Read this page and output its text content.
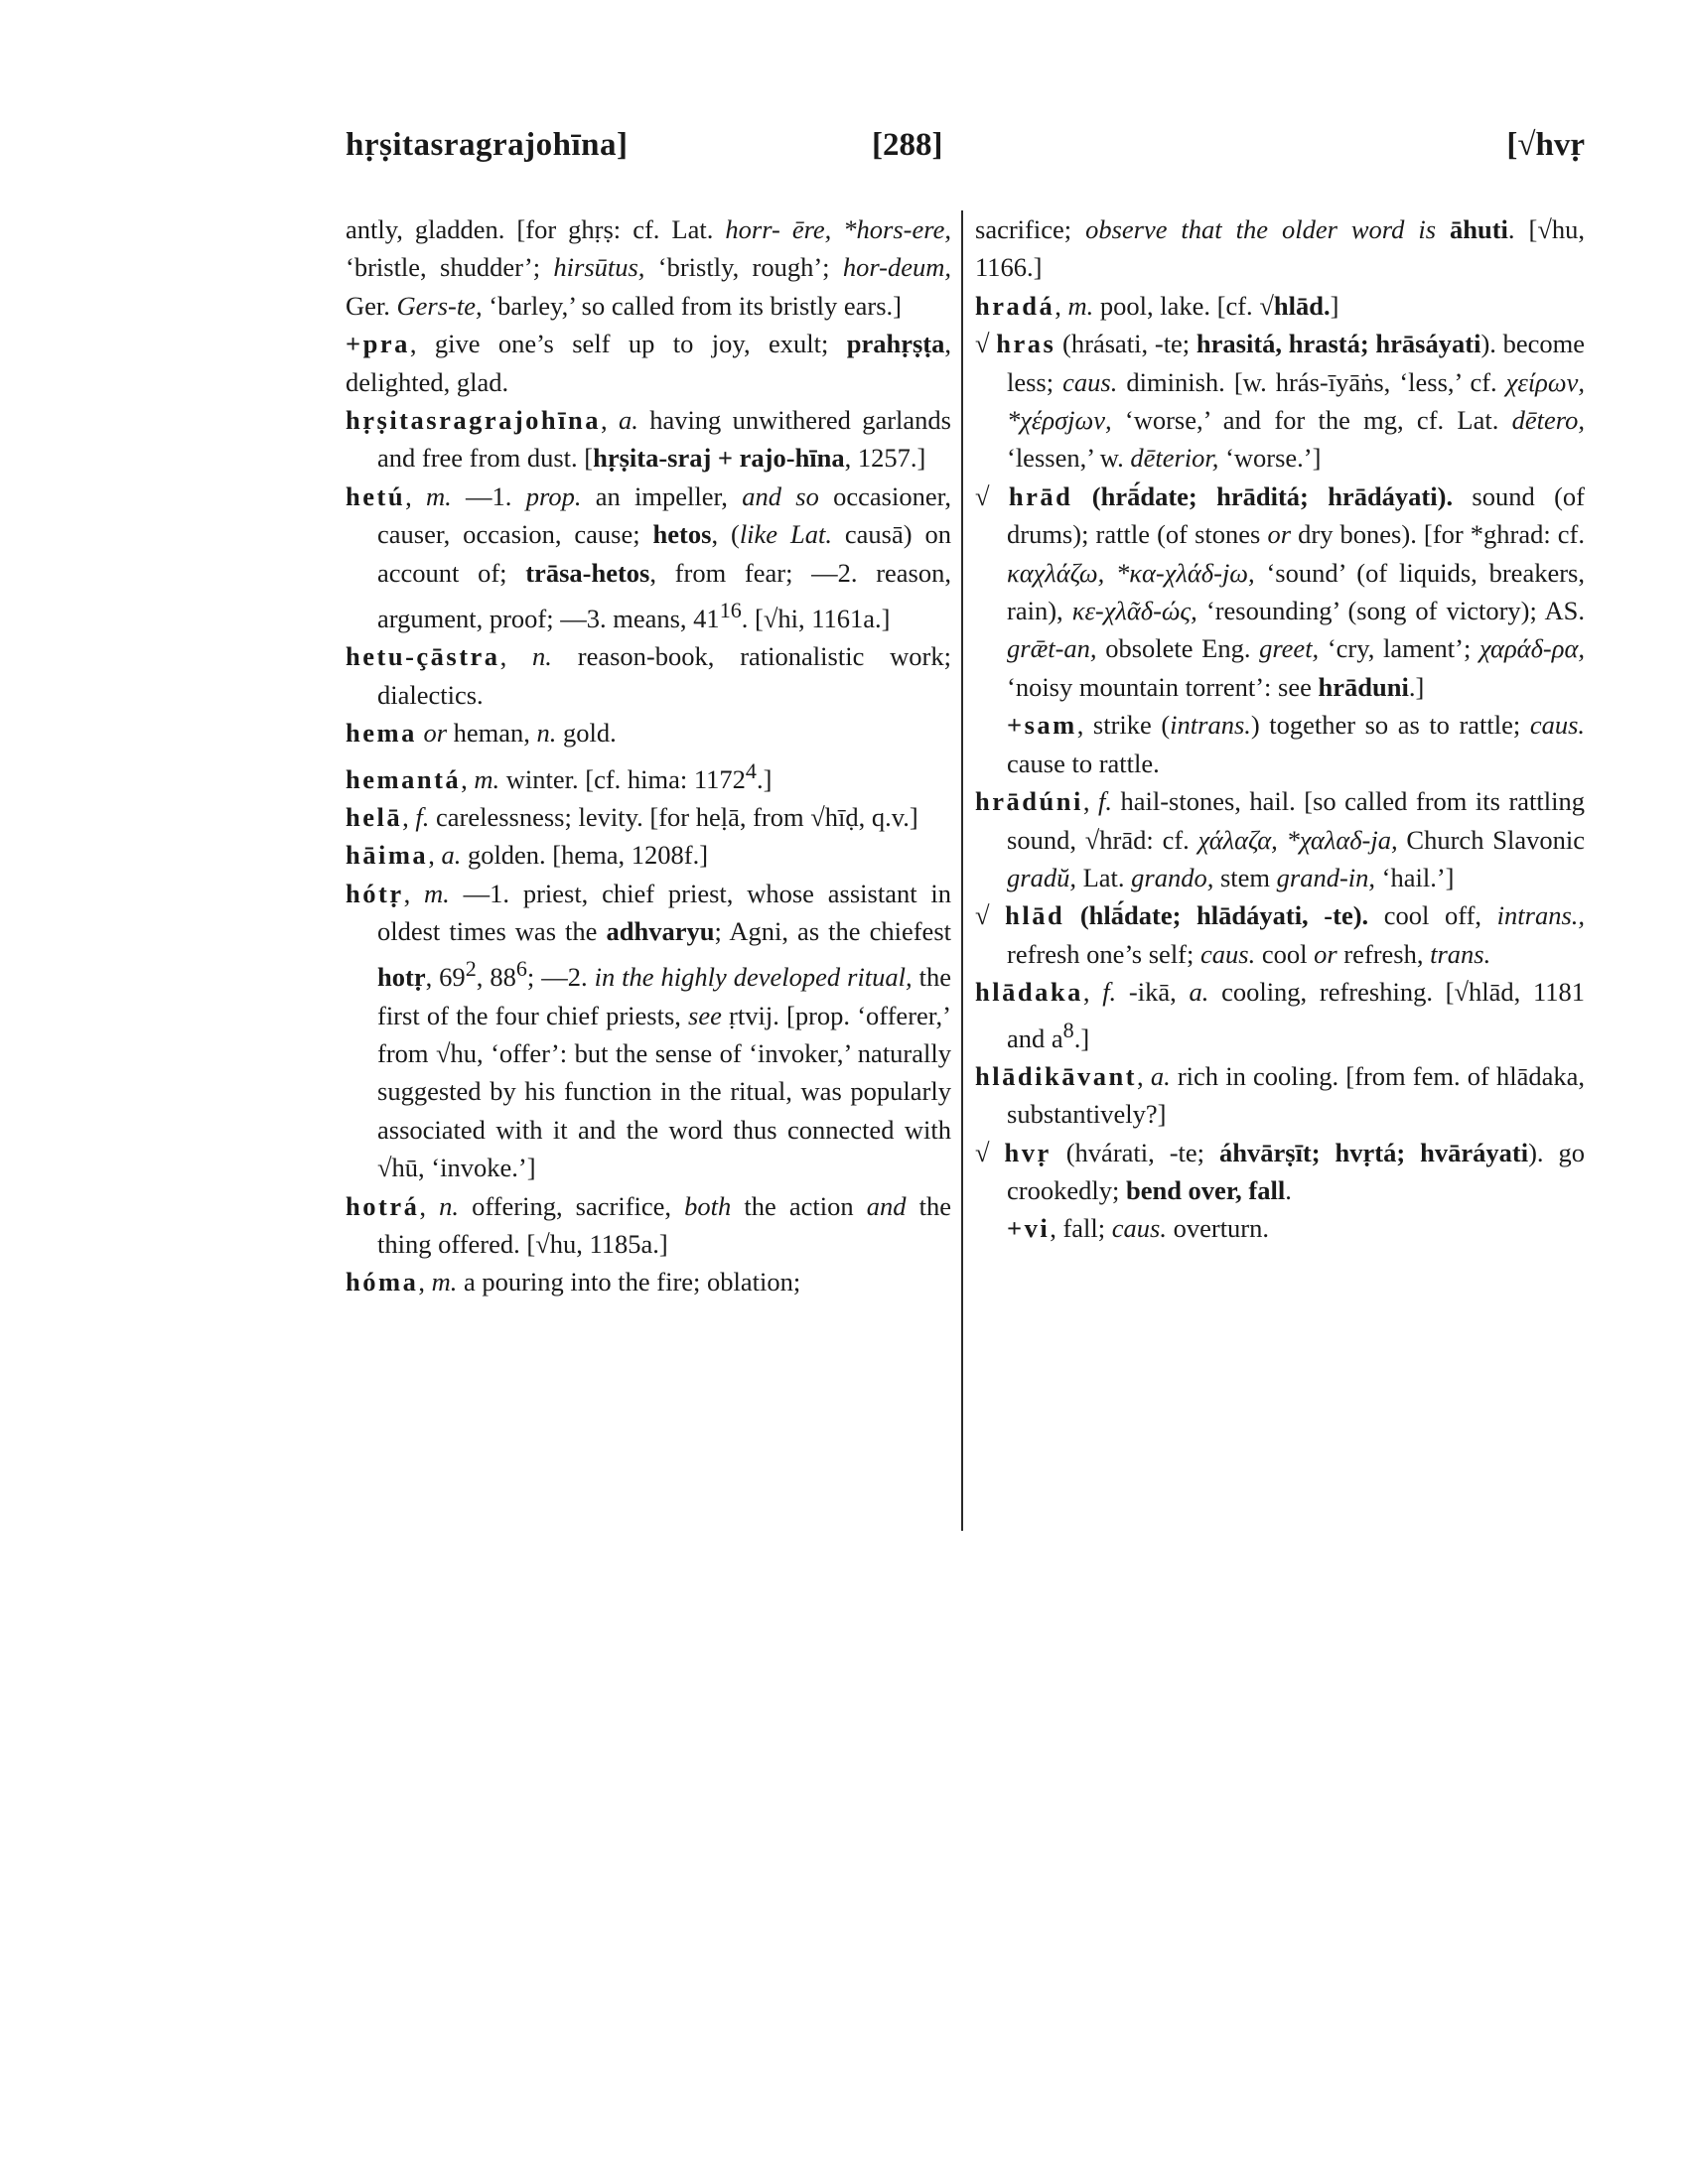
hṛṣitasragrajohīna]	[288]	[√hvṛ

antly, gladden. [for ghṛṣ: cf. Lat. horr- ēre, *hors-ere, ‘bristle, shudder’; hirsūtus, ‘bristly, rough’; hor-deum, Ger. Gers-te, ‘barley,’ so called from its bristly ears.]

+pra, give one’s self up to joy, exult; prahṛṣṭa, delighted, glad.

hṛṣitasragrajohīna, a. having unwithered garlands and free from dust. [hṛṣita-sraj + rajo-hīna, 1257.]

hetú, m. —1. prop. an impeller, and so occasioner, causer, occasion, cause; hetos, (like Lat. causā) on account of; trāsa-hetos, from fear; —2. reason, argument, proof; —3. means, $41^{16}$. [√hi, 1161a.]

hetu-çāstra, n. reason-book, rationalistic work; dialectics.

hema or heman, n. gold.

hemantá, m. winter. [cf. hima: 1172$^4$.]

helā, f. carelessness; levity. [for heḷā, from √hīḍ, q.v.]

hāima, a. golden. [hema, 1208f.]

hótṛ, m. —1. priest, chief priest, whose assistant in oldest times was the adhvaryu; Agni, as the chiefest hotṛ, $69^2$, $88^6$; —2. in the highly developed ritual, the first of the four chief priests, see ṛtvij. [prop. ‘offerer,’ from √hu, ‘offer’: but the sense of ‘invoker,’ naturally suggested by his function in the ritual, was popularly associated with it and the word thus connected with √hū, ‘invoke.’]

hotrá, n. offering, sacrifice, both the action and the thing offered. [√hu, 1185a.]

hóma, m. a pouring into the fire; oblation;

sacrifice; observe that the older word is āhuti. [√hu, 1166.]

hradá, m. pool, lake. [cf. √hlād.]

√ hras (hrásati, -te; hrasitá, hrastá; hrāsáyati). become less; caus. diminish. [w. hrás-īyāṅs, ‘less,’ cf. χείρων, *χέρσjων, ‘worse,’ and for the mg, cf. Lat. dētero, ‘lessen,’ w. dēterior, ‘worse.’]

√ hrād (hrā́date; hrāditá; hrādáyati). sound (of drums); rattle (of stones or dry bones). [for *ghrad: cf. καχλάζω, *κα-χλάδ-jω, ‘sound’ (of liquids, breakers, rain), κε-χλᾶδ-ώς, ‘resounding’ (song of victory); AS. grǣt-an, obsolete Eng. greet, ‘cry, lament’; χαράδ-ρα, ‘noisy mountain torrent’: see hrāduni.]

+sam, strike (intrans.) together so as to rattle; caus. cause to rattle.

hrādúni, f. hail-stones, hail. [so called from its rattling sound, √hrād: cf. χάλαζα, *χαλαδ-ja, Church Slavonic gradŭ, Lat. grando, stem grand-in, ‘hail.’]

√ hlād (hlā́date; hlādáyati, -te). cool off, intrans., refresh one’s self; caus. cool or refresh, trans.

hlādaka, f. -ikā, a. cooling, refreshing. [√hlād, 1181 and $a^8$.]

hlādikāvant, a. rich in cooling. [from fem. of hlādaka, substantively?]

√ hvṛ (hvárati, -te; áhvārṣīt; hvṛtá; hvāráyati). go crookedly; bend over, fall.

+vi, fall; caus. overturn.
